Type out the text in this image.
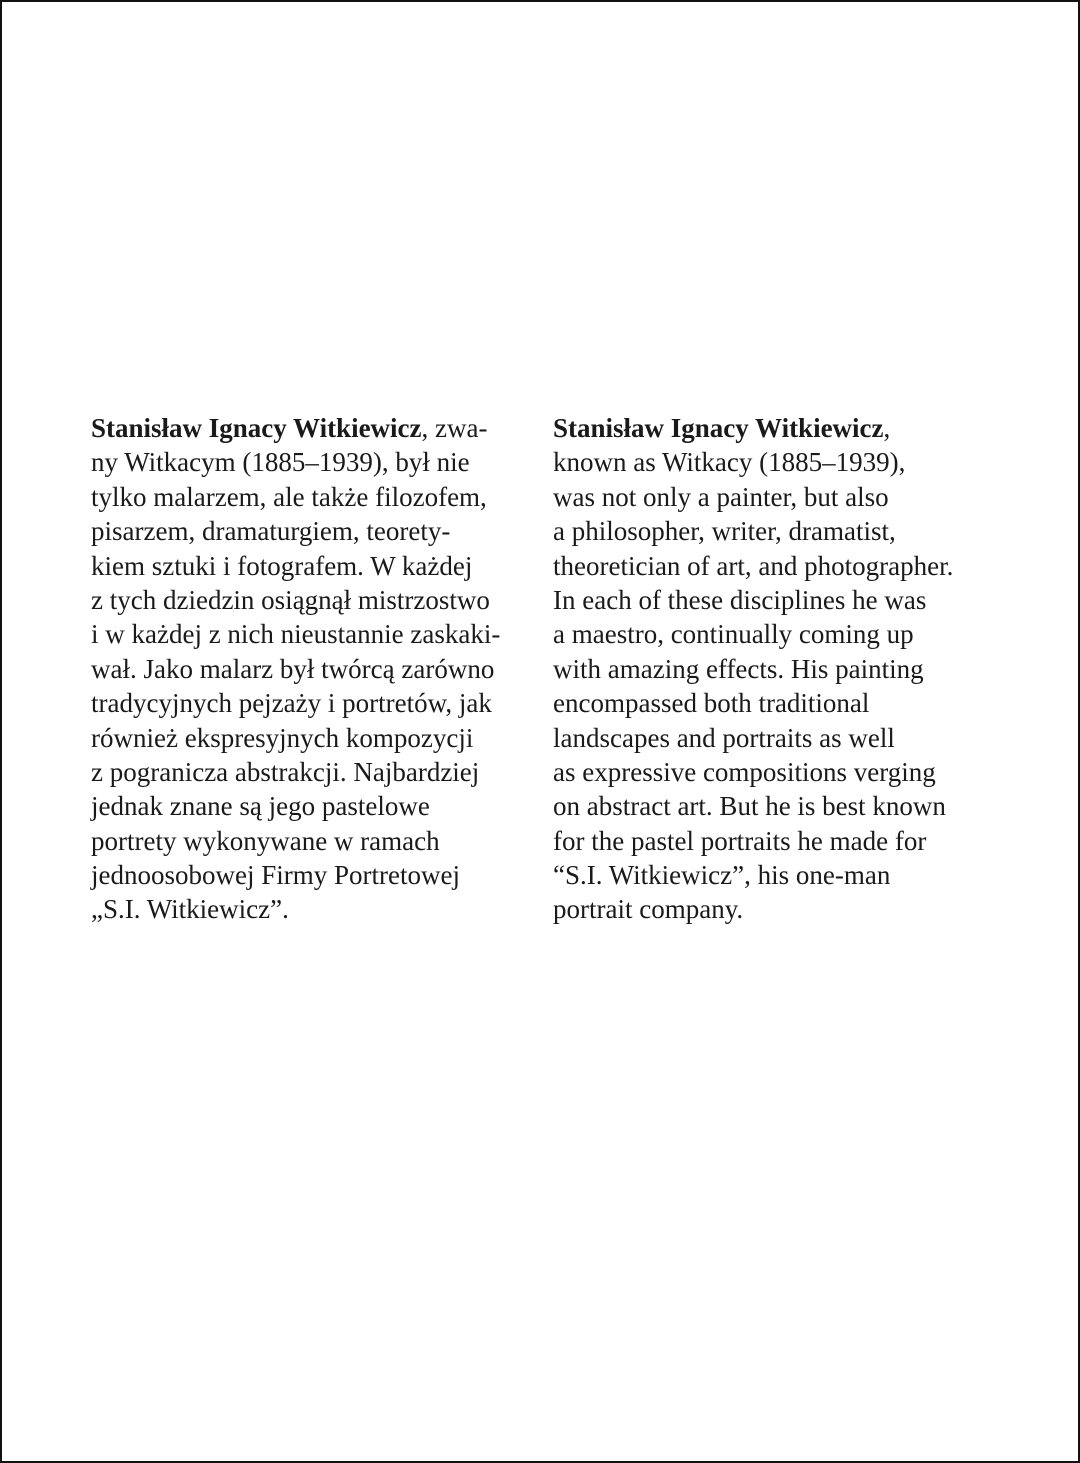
Stanisław Ignacy Witkiewicz, zwa-
ny Witkacym (1885–1939), był nie
tylko malarzem, ale także filozofem,
pisarzem, dramaturgiem, teorety-
kiem sztuki i fotografem. W każdej
z tych dziedzin osiągnął mistrzostwo
i w każdej z nich nieustannie zaskaki-
wał. Jako malarz był twórcą zarówno
tradycyjnych pejzaży i portretów, jak
również ekspresyjnych kompozycji
z pogranicza abstrakcji. Najbardziej
jednak znane są jego pastelowe
portrety wykonywane w ramach
jednoosobowej Firmy Portretowej
„S.I. Witkiewicz”.
Stanisław Ignacy Witkiewicz,
known as Witkacy (1885–1939),
was not only a painter, but also
a philosopher, writer, dramatist,
theoretician of art, and photographer.
In each of these disciplines he was
a maestro, continually coming up
with amazing effects. His painting
encompassed both traditional
landscapes and portraits as well
as expressive compositions verging
on abstract art. But he is best known
for the pastel portraits he made for
“S.I. Witkiewicz”, his one-man
portrait company.
